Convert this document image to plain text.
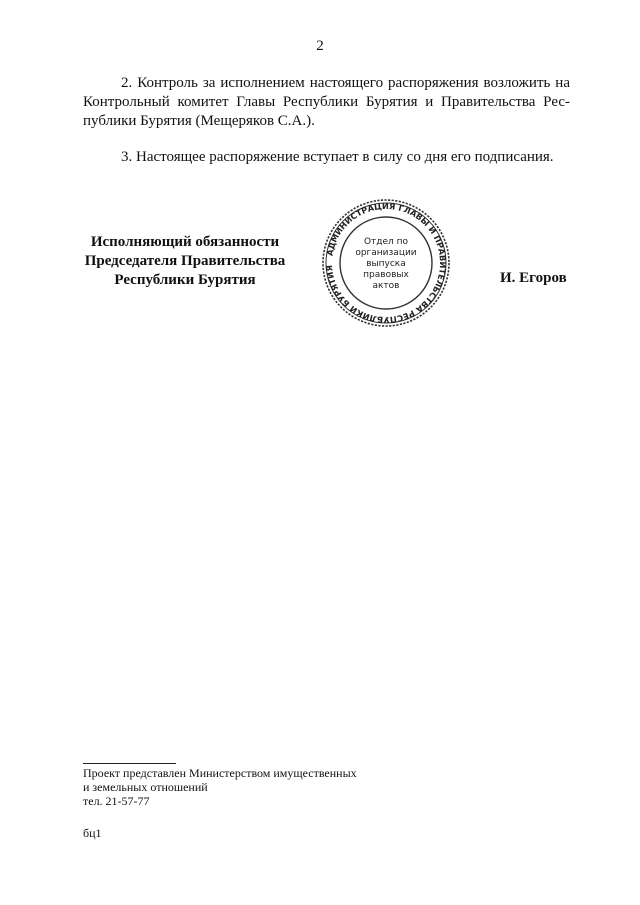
2

2. Контроль за исполнением настоящего распоряжения возложить на Контрольный комитет Главы Республики Бурятия и Правительства Рес-публики Бурятия (Мещеряков С.А.).

3. Настоящее распоряжение вступает в силу со дня его подписания.

Исполняющий обязанности
Председателя Правительства
Республики Бурятия
АДМИНИСТРАЦИЯ ГЛАВЫ И ПРАВИТЕЛЬСТВА РЕСПУБЛИКИ БУРЯТИЯ
Отдел по
организации
выпуска
правовых
актов	И. Егоров
Проект представлен Министерством имущественных
и земельных отношений
тел. 21-57-77
бц1
